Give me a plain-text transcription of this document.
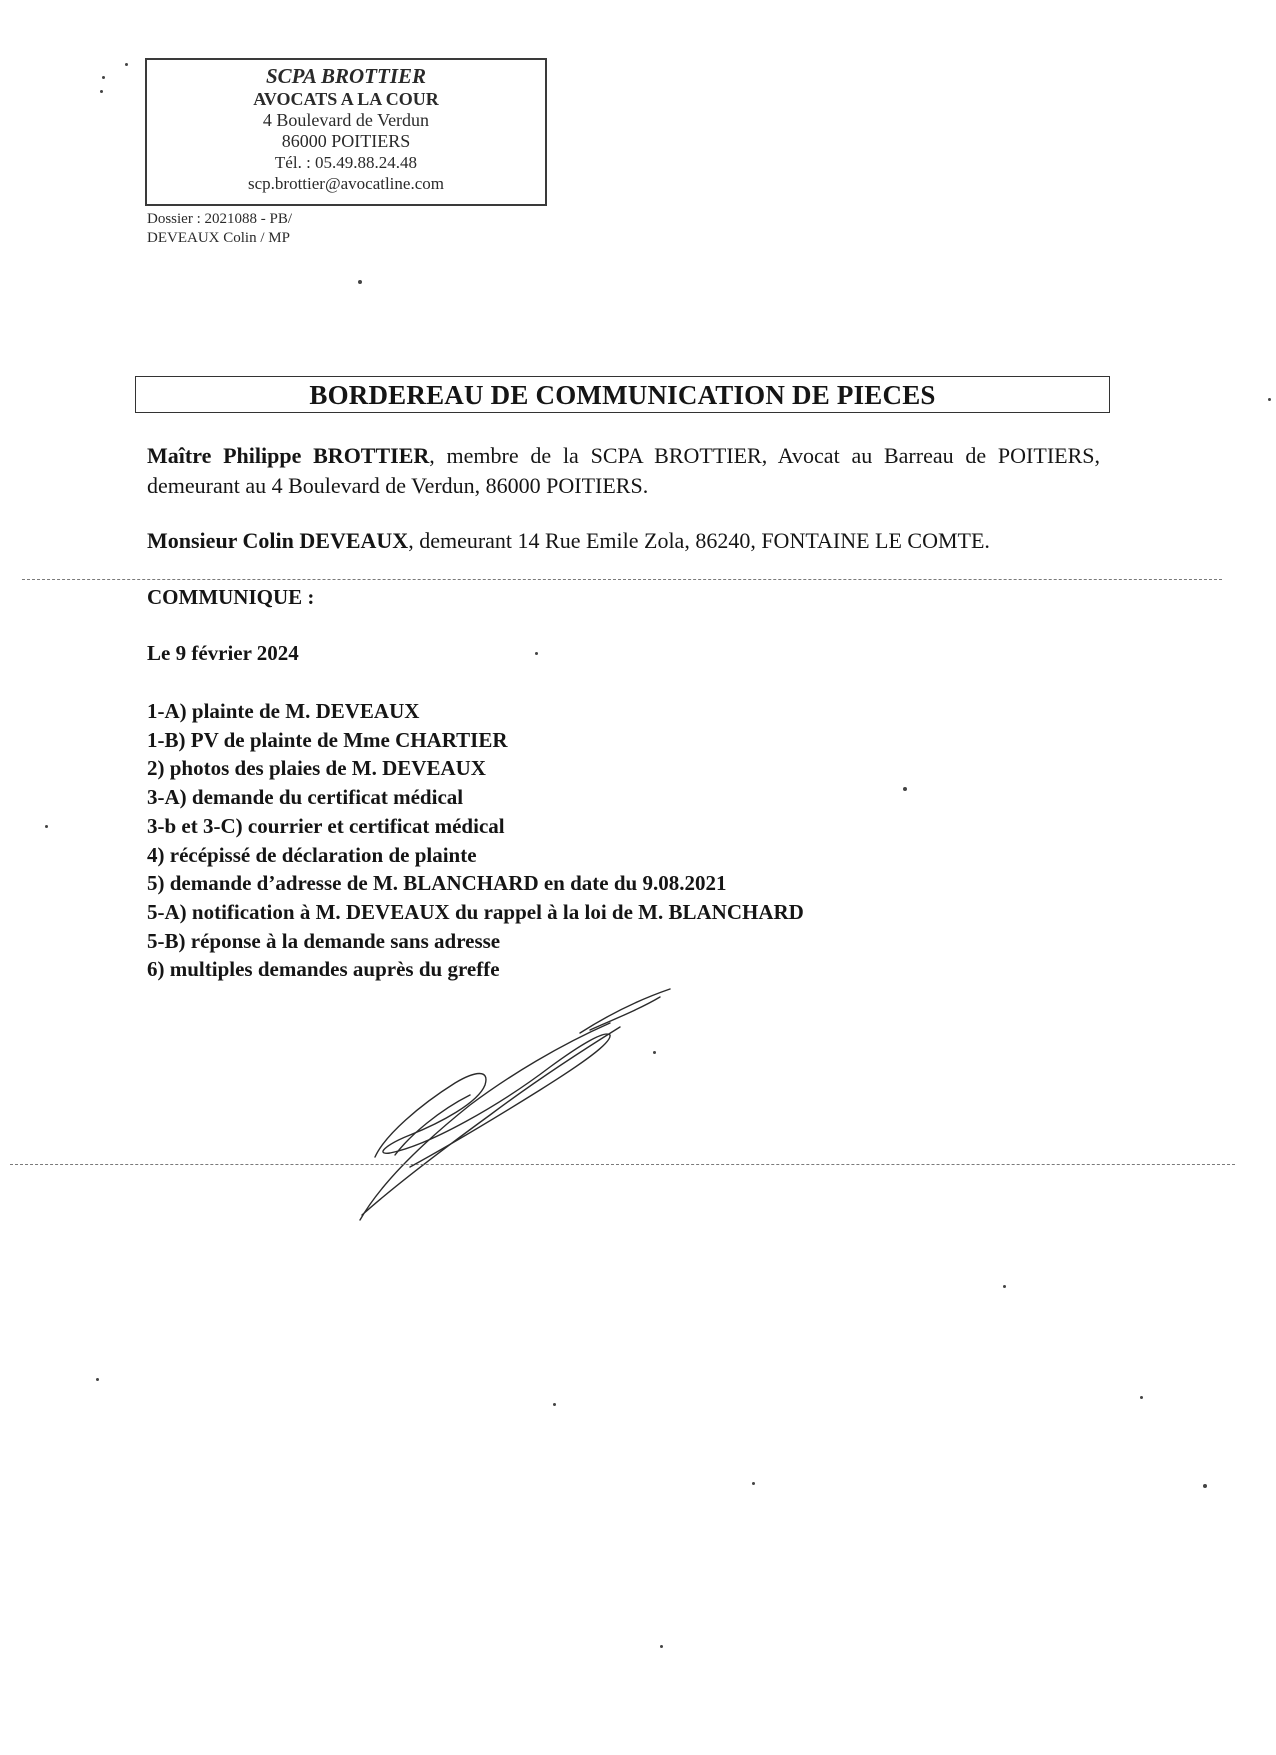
SCPA BROTTIER
AVOCATS A LA COUR
4 Boulevard de Verdun
86000 POITIERS
Tél. : 05.49.88.24.48
scp.brottier@avocatline.com
Dossier : 2021088 - PB/
DEVEAUX Colin / MP
BORDEREAU DE COMMUNICATION DE PIECES
Maître Philippe BROTTIER, membre de la SCPA BROTTIER, Avocat au Barreau de POITIERS, demeurant au 4 Boulevard de Verdun, 86000 POITIERS.
Monsieur Colin DEVEAUX, demeurant 14 Rue Emile Zola, 86240, FONTAINE LE COMTE.
COMMUNIQUE :
Le 9 février 2024
1-A) plainte de M. DEVEAUX
1-B) PV de plainte de Mme CHARTIER
2) photos des plaies de M. DEVEAUX
3-A) demande du certificat médical
3-b et 3-C) courrier et certificat médical
4) récépissé de déclaration de plainte
5) demande d’adresse de M. BLANCHARD en date du 9.08.2021
5-A) notification à M. DEVEAUX du rappel à la loi de M. BLANCHARD
5-B) réponse à la demande sans adresse
6) multiples demandes auprès du greffe
